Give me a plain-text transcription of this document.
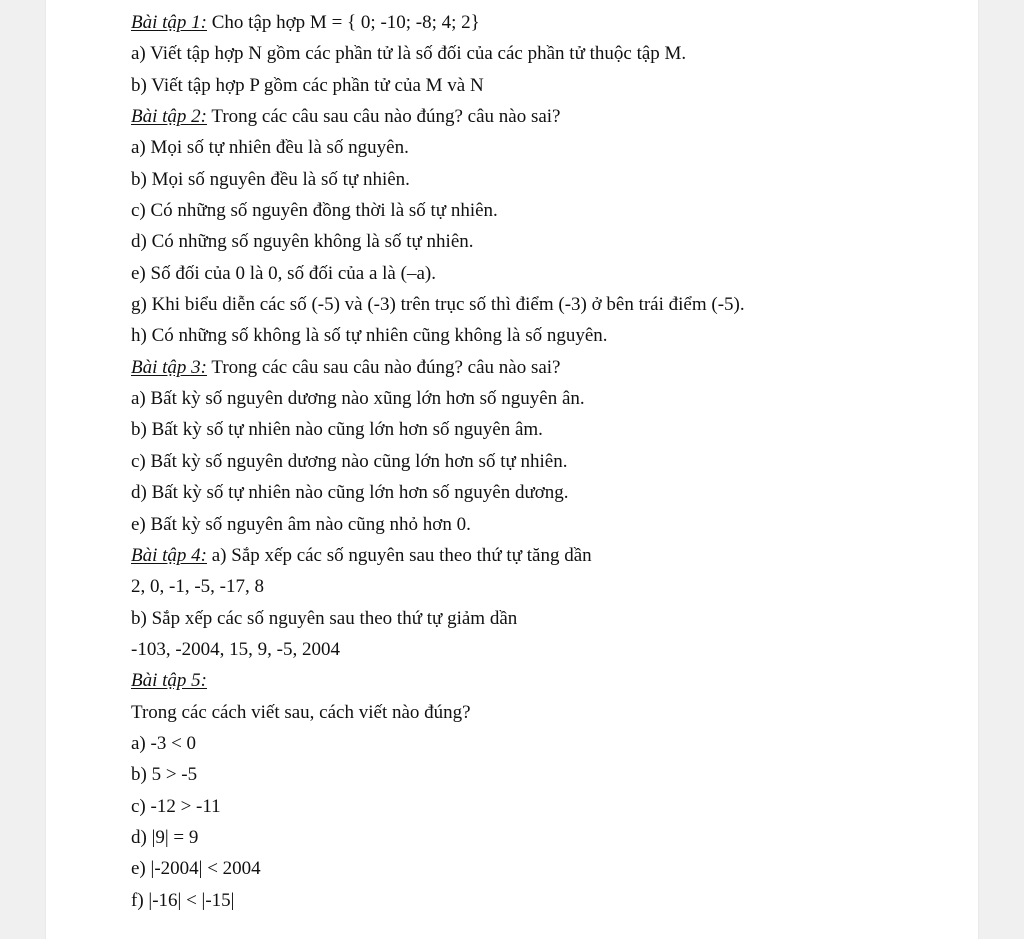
Bài tập 1: Cho tập hợp M = { 0; -10; -8; 4; 2}
a) Viết tập hợp N gồm các phần tử là số đối của các phần tử thuộc tập M.
b) Viết tập hợp P gồm các phần tử của M và N
Bài tập 2: Trong các câu sau câu nào đúng? câu nào sai?
a) Mọi số tự nhiên đều là số nguyên.
b) Mọi số nguyên đều là số tự nhiên.
c) Có những số nguyên đồng thời là số tự nhiên.
d) Có những số nguyên không là số tự nhiên.
e) Số đối của 0 là 0, số đối của a là (–a).
g) Khi biểu diễn các số (-5) và (-3) trên trục số thì điểm (-3) ở bên trái điểm (-5).
h) Có những số không là số tự nhiên cũng không là số nguyên.
Bài tập 3: Trong các câu sau câu nào đúng? câu nào sai?
a) Bất kỳ số nguyên dương nào xũng lớn hơn số nguyên ân.
b) Bất kỳ số tự nhiên nào cũng lớn hơn số nguyên âm.
c) Bất kỳ số nguyên dương nào cũng lớn hơn số tự nhiên.
d) Bất kỳ số tự nhiên nào cũng lớn hơn số nguyên dương.
e) Bất kỳ số nguyên âm nào cũng nhỏ hơn 0.
Bài tập 4: a) Sắp xếp các số nguyên sau theo thứ tự tăng dần
2, 0, -1, -5, -17, 8
b) Sắp xếp các số nguyên sau theo thứ tự giảm dần
-103, -2004, 15, 9, -5, 2004
Bài tập 5:
Trong các cách viết sau, cách viết nào đúng?
a) -3 < 0
b) 5 > -5
c) -12 > -11
d) |9| = 9
e) |-2004| < 2004
f) |-16| < |-15|
